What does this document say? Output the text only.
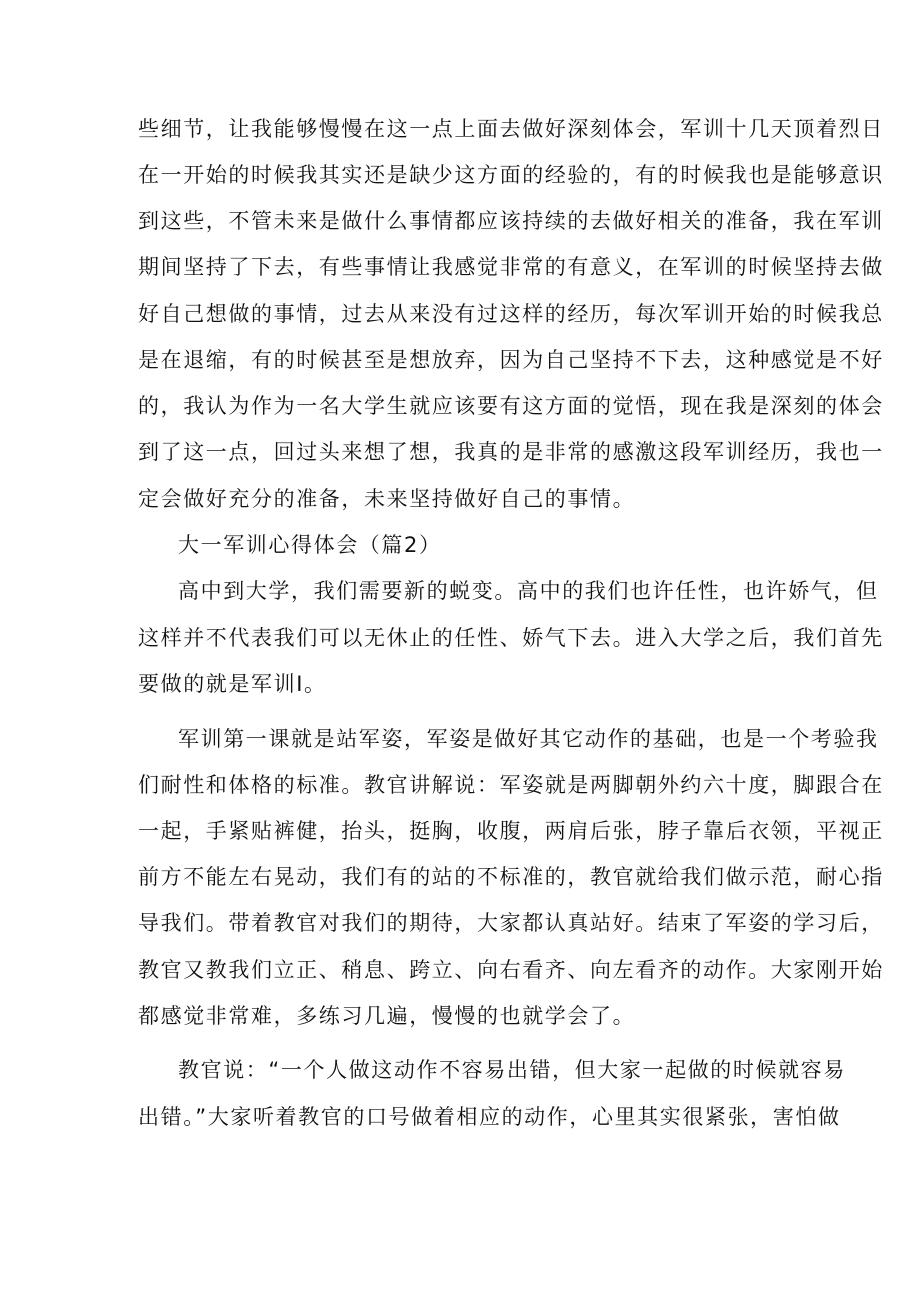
些细节，让我能够慢慢在这一点上面去做好深刻体会，军训十几天顶着烈日
在一开始的时候我其实还是缺少这方面的经验的，有的时候我也是能够意识
到这些，不管未来是做什么事情都应该持续的去做好相关的准备，我在军训
期间坚持了下去，有些事情让我感觉非常的有意义，在军训的时候坚持去做
好自己想做的事情，过去从来没有过这样的经历，每次军训开始的时候我总
是在退缩，有的时候甚至是想放弃，因为自己坚持不下去，这种感觉是不好
的，我认为作为一名大学生就应该要有这方面的觉悟，现在我是深刻的体会
到了这一点，回过头来想了想，我真的是非常的感激这段军训经历，我也一
定会做好充分的准备，未来坚持做好自己的事情。
大一军训心得体会（篇2）
高中到大学，我们需要新的蜕变。高中的我们也许任性，也许娇气，但
这样并不代表我们可以无休止的任性、娇气下去。进入大学之后，我们首先
要做的就是军训I。
军训第一课就是站军姿，军姿是做好其它动作的基础，也是一个考验我
们耐性和体格的标准。教官讲解说：军姿就是两脚朝外约六十度，脚跟合在
一起，手紧贴裤健，抬头，挺胸，收腹，两肩后张，脖子靠后衣领，平视正
前方不能左右晃动，我们有的站的不标准的，教官就给我们做示范，耐心指
导我们。带着教官对我们的期待，大家都认真站好。结束了军姿的学习后，
教官又教我们立正、稍息、跨立、向右看齐、向左看齐的动作。大家刚开始
都感觉非常难，多练习几遍，慢慢的也就学会了。
教官说：“一个人做这动作不容易出错，但大家一起做的时候就容易
出错。”大家听着教官的口号做着相应的动作，心里其实很紧张，害怕做
